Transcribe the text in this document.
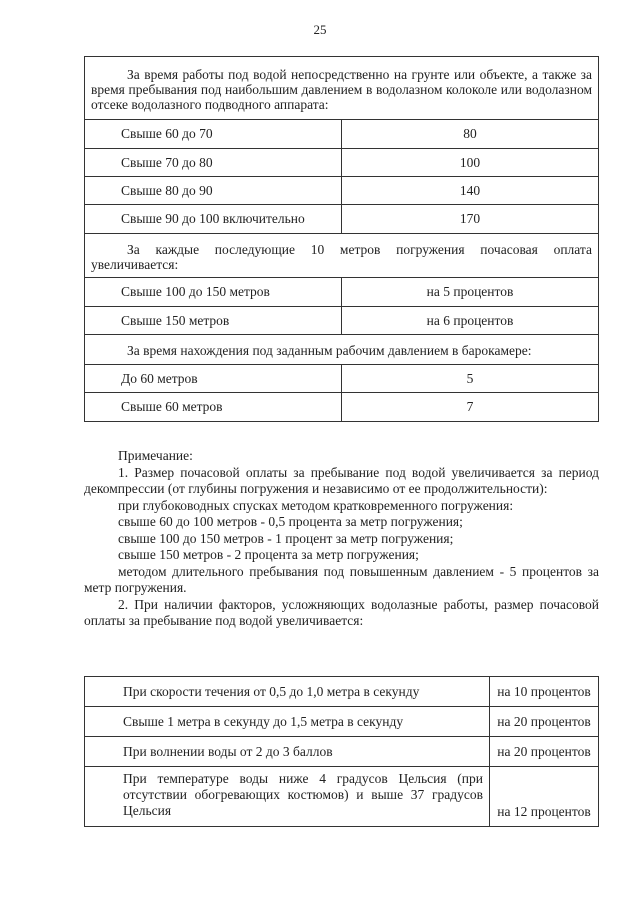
25
За время работы под водой непосредственно на грунте или объекте, а также за время пребывания под наибольшим давлением в водолазном колоколе или водолазном отсеке водолазного подводного аппарата:	
Свыше 60 до 70	80
Свыше 70 до 80	100
Свыше 80 до 90	140
Свыше 90 до 100 включительно	170
За каждые последующие 10 метров погружения почасовая оплата увеличивается:	
Свыше 100 до 150 метров	на 5 процентов
Свыше 150 метров	на 6 процентов
За время нахождения под заданным рабочим давлением в барокамере:	
До 60 метров	5
Свыше 60 метров	7

Примечание:

1. Размер почасовой оплаты за пребывание под водой увеличивается за период декомпрессии (от глубины погружения и независимо от ее продолжительности):

при глубоководных спусках методом кратковременного погружения:

свыше 60 до 100 метров - 0,5 процента за метр погружения;

свыше 100 до 150 метров - 1 процент за метр погружения;

свыше 150 метров - 2 процента за метр погружения;

методом длительного пребывания под повышенным давлением - 5 процентов за метр погружения.

2. При наличии факторов, усложняющих водолазные работы, размер почасовой оплаты за пребывание под водой увеличивается:

При скорости течения от 0,5 до 1,0 метра в секунду	на 10 процентов
Свыше 1 метра в секунду до 1,5 метра в секунду	на 20 процентов
При волнении воды от 2 до 3 баллов	на 20 процентов
При температуре воды ниже 4 градусов Цельсия (при отсутствии обогревающих костюмов) и выше 37 градусов Цельсия	на 12 процентов
